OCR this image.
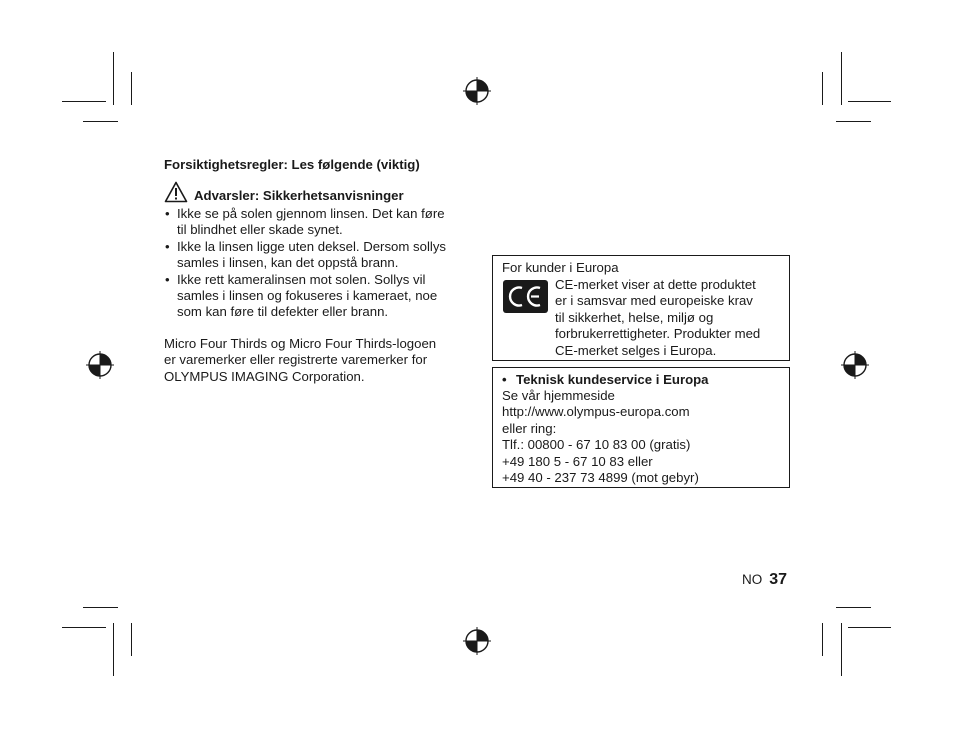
Forsiktighetsregler: Les følgende (viktig)
Advarsler: Sikkerhetsanvisninger
• Ikke se på solen gjennom linsen. Det kan føre
til blindhet eller skade synet.
• Ikke la linsen ligge uten deksel. Dersom sollys
samles i linsen, kan det oppstå brann.
• Ikke rett kameralinsen mot solen. Sollys vil
samles i linsen og fokuseres i kameraet, noe
som kan føre til defekter eller brann.
Micro Four Thirds og Micro Four Thirds-logoen
er varemerker eller registrerte varemerker for
OLYMPUS IMAGING Corporation.
For kunder i Europa
CE-merket viser at dette produktet
er i samsvar med europeiske krav
til sikkerhet, helse, miljø og
forbrukerrettigheter. Produkter med
CE-merket selges i Europa.
• Teknisk kundeservice i Europa
Se vår hjemmeside
http://www.olympus-europa.com
eller ring:
Tlf.: 00800 - 67 10 83 00 (gratis)
+49 180 5 - 67 10 83 eller
+49 40 - 237 73 4899 (mot gebyr)
NO 37
